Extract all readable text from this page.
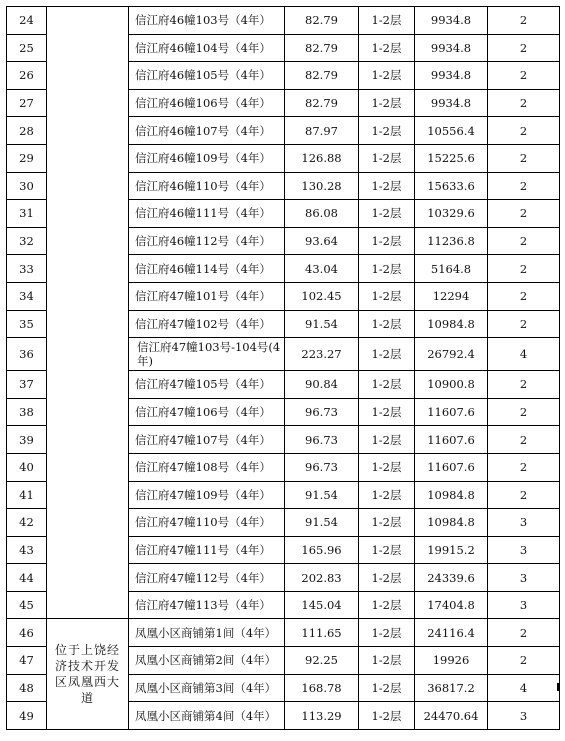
24		信江府46幢103号（4年）	82.79	1-2层	9934.8	2
25		信江府46幢104号（4年）	82.79	1-2层	9934.8	2
26		信江府46幢105号（4年）	82.79	1-2层	9934.8	2
27		信江府46幢106号（4年）	82.79	1-2层	9934.8	2
28		信江府46幢107号（4年）	87.97	1-2层	10556.4	2
29		信江府46幢109号（4年）	126.88	1-2层	15225.6	2
30		信江府46幢110号（4年）	130.28	1-2层	15633.6	2
31		信江府46幢111号（4年）	86.08	1-2层	10329.6	2
32		信江府46幢112号（4年）	93.64	1-2层	11236.8	2
33		信江府46幢114号（4年）	43.04	1-2层	5164.8	2
34		信江府47幢101号（4年）	102.45	1-2层	12294	2
35		信江府47幢102号（4年）	91.54	1-2层	10984.8	2
36		信江府47幢103号-104号(4年)	223.27	1-2层	26792.4	4
37		信江府47幢105号（4年）	90.84	1-2层	10900.8	2
38		信江府47幢106号（4年）	96.73	1-2层	11607.6	2
39		信江府47幢107号（4年）	96.73	1-2层	11607.6	2
40		信江府47幢108号（4年）	96.73	1-2层	11607.6	2
41		信江府47幢109号（4年）	91.54	1-2层	10984.8	2
42		信江府47幢110号（4年）	91.54	1-2层	10984.8	3
43		信江府47幢111号（4年）	165.96	1-2层	19915.2	3
44		信江府47幢112号（4年）	202.83	1-2层	24339.6	3
45		信江府47幢113号（4年）	145.04	1-2层	17404.8	3
46	位于上饶经济技术开发区凤凰西大道	凤凰小区商铺第1间（4年）	111.65	1-2层	24116.4	2
47		凤凰小区商铺第2间（4年）	92.25	1-2层	19926	2
48		凤凰小区商铺第3间（4年）	168.78	1-2层	36817.2	4
49		凤凰小区商铺第4间（4年）	113.29	1-2层	24470.64	3
